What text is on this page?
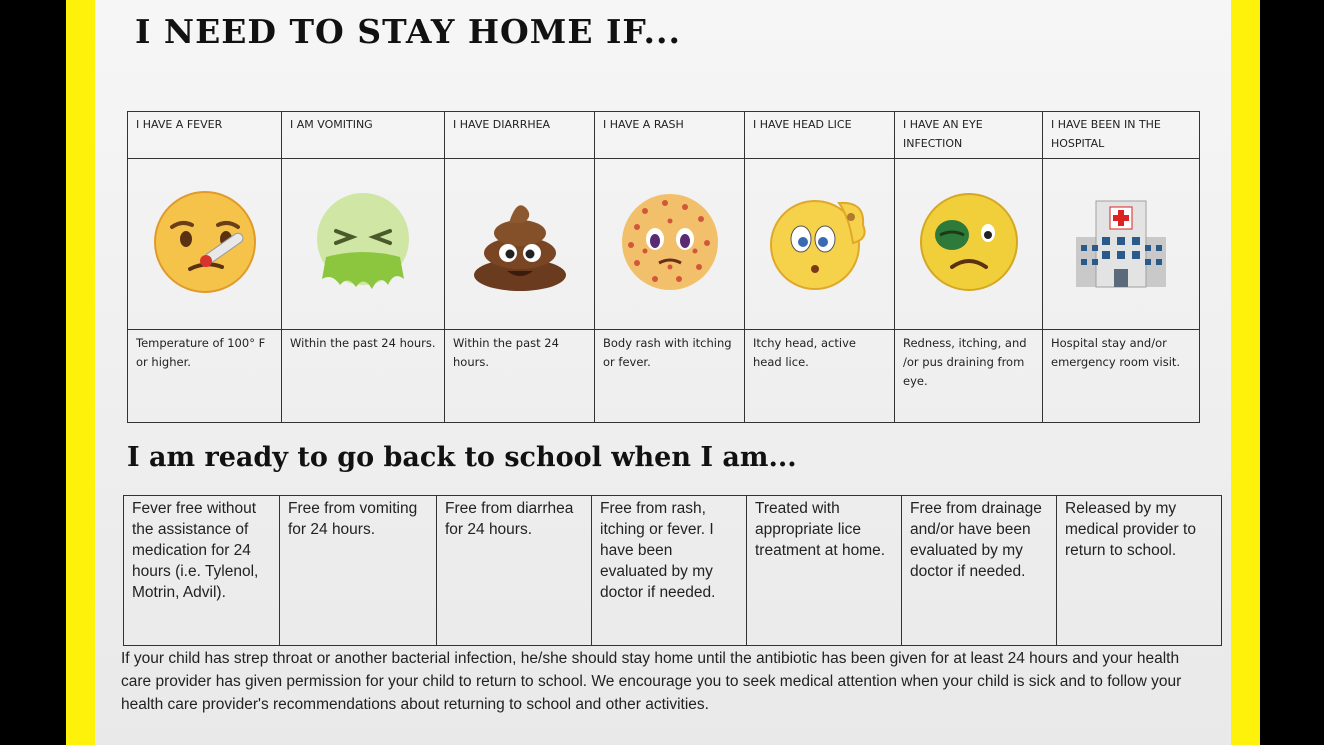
I NEED TO STAY HOME IF...
I HAVE A FEVER	I AM VOMITING	I HAVE DIARRHEA	I HAVE A RASH	I HAVE HEAD LICE	I HAVE AN EYE INFECTION	I HAVE BEEN IN THE HOSPITAL

Temperature of 100° F or higher.	Within the past 24 hours.	Within the past 24 hours.	Body rash with itching or fever.	Itchy head, active head lice.	Redness, itching, and /or pus draining from eye.	Hospital stay and/or emergency room visit.
I am ready to go back to school when I am...
Fever free without the assistance of medication for 24 hours (i.e. Tylenol, Motrin, Advil).	Free from vomiting for 24 hours.	Free from diarrhea for 24 hours.	Free from rash, itching or fever. I have been evaluated by my doctor if needed.	Treated with appropriate lice treatment at home.	Free from drainage and/or have been evaluated by my doctor if needed.	Released by my medical provider to return to school.

If your child has strep throat or another bacterial infection, he/she should stay home until the antibiotic has been given for at least 24 hours and your health care provider has given permission for your child to return to school. We encourage you to seek medical attention when your child is sick and to follow your health care provider's recommendations about returning to school and other activities.
